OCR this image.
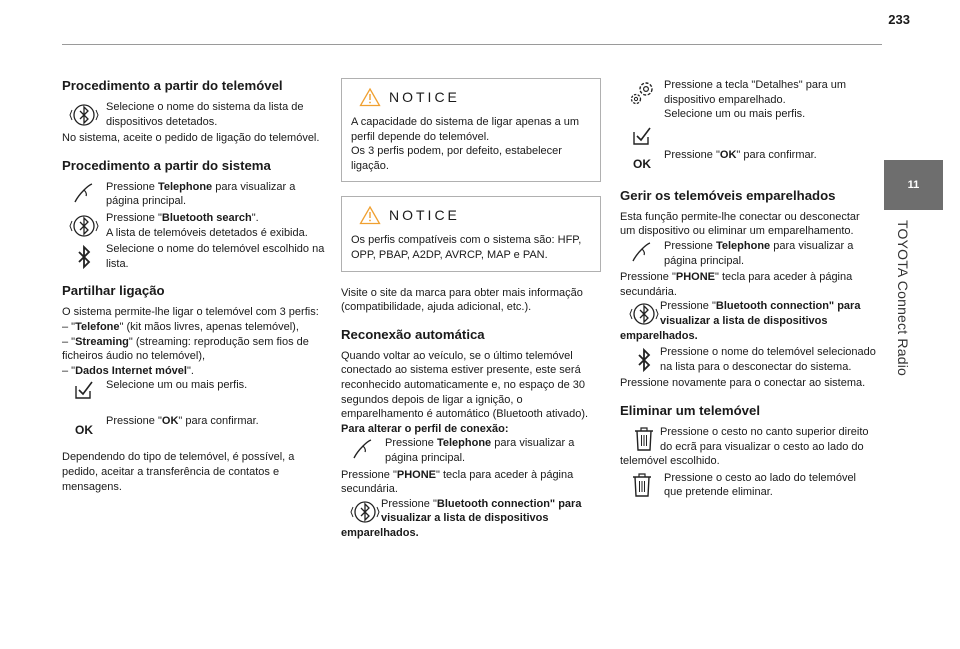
233
11
TOYOTA Connect Radio
Procedimento a partir do telemóvel

Selecione o nome do sistema da lista de dispositivos detetados.

No sistema, aceite o pedido de ligação do telemóvel.

Procedimento a partir do sistema

Pressione Telephone para visualizar a página principal.

Pressione "Bluetooth search".

A lista de telemóveis detetados é exibida.

Selecione o nome do telemóvel escolhido na lista.

Partilhar ligação

O sistema permite-lhe ligar o telemóvel com 3 perfis:

– "Telefone" (kit mãos livres, apenas telemóvel),

– "Streaming" (streaming: reprodução sem fios de ficheiros áudio no telemóvel),

– "Dados Internet móvel".

Selecione um ou mais perfis.

OK

Pressione "OK" para confirmar.

Dependendo do tipo de telemóvel, é possível, a pedido, aceitar a transferência de contatos e mensagens.

NOTICE

A capacidade do sistema de ligar apenas a um perfil depende do telemóvel.

Os 3 perfis podem, por defeito, estabelecer ligação.

NOTICE

Os perfis compatíveis com o sistema são: HFP, OPP, PBAP, A2DP, AVRCP, MAP e PAN.

Visite o site da marca para obter mais informação (compatibilidade, ajuda adicional, etc.).

Reconexão automática

Quando voltar ao veículo, se o último telemóvel conectado ao sistema estiver presente, este será reconhecido automaticamente e, no espaço de 30 segundos depois de ligar a ignição, o emparelhamento é automático (Bluetooth ativado).

Para alterar o perfil de conexão:

Pressione Telephone para visualizar a página principal.

Pressione "PHONE" tecla para aceder à página secundária.

Pressione "Bluetooth connection" para visualizar a lista de dispositivos emparelhados.

Pressione a tecla "Detalhes" para um dispositivo emparelhado.

Selecione um ou mais perfis.

OK

Pressione "OK" para confirmar.

Gerir os telemóveis emparelhados

Esta função permite-lhe conectar ou desconectar um dispositivo ou eliminar um emparelhamento.

Pressione Telephone para visualizar a página principal.

Pressione "PHONE" tecla para aceder à página secundária.

Pressione "Bluetooth connection" para visualizar a lista de dispositivos emparelhados.

Pressione o nome do telemóvel selecionado na lista para o desconectar do sistema.

Pressione novamente para o conectar ao sistema.

Eliminar um telemóvel

Pressione o cesto no canto superior direito do ecrã para visualizar o cesto ao lado do telemóvel escolhido.

Pressione o cesto ao lado do telemóvel que pretende eliminar.
